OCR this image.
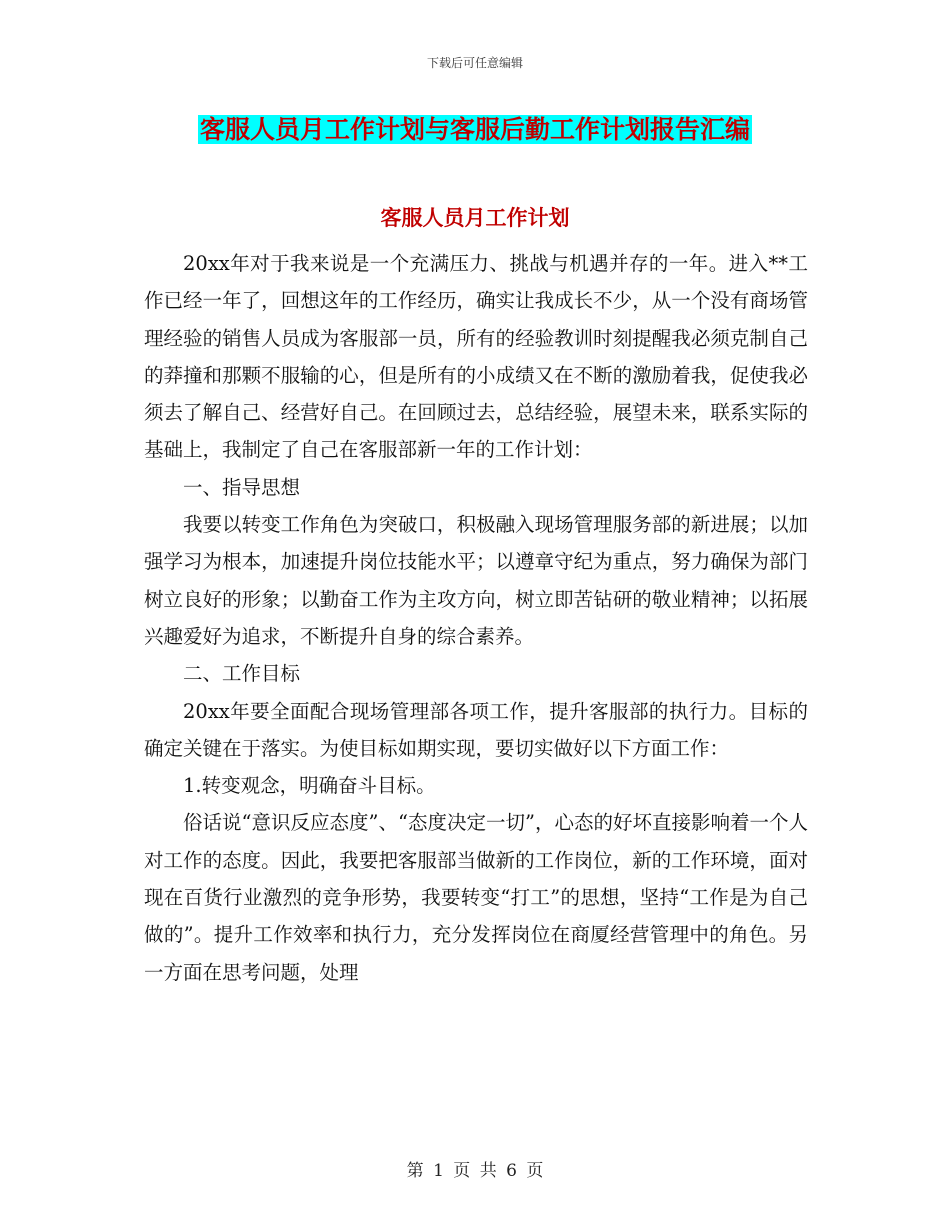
下载后可任意编辑
客服人员月工作计划与客服后勤工作计划报告汇编
客服人员月工作计划

20xx年对于我来说是一个充满压力、挑战与机遇并存的一年。进入**工作已经一年了，回想这年的工作经历，确实让我成长不少，从一个没有商场管理经验的销售人员成为客服部一员，所有的经验教训时刻提醒我必须克制自己的莽撞和那颗不服输的心，但是所有的小成绩又在不断的激励着我，促使我必须去了解自己、经营好自己。在回顾过去，总结经验，展望未来，联系实际的基础上，我制定了自己在客服部新一年的工作计划：

一、指导思想

我要以转变工作角色为突破口，积极融入现场管理服务部的新进展；以加强学习为根本，加速提升岗位技能水平；以遵章守纪为重点，努力确保为部门树立良好的形象；以勤奋工作为主攻方向，树立即苦钻研的敬业精神；以拓展兴趣爱好为追求，不断提升自身的综合素养。

二、工作目标

20xx年要全面配合现场管理部各项工作，提升客服部的执行力。目标的确定关键在于落实。为使目标如期实现，要切实做好以下方面工作：

1.转变观念，明确奋斗目标。

俗话说“意识反应态度”、“态度决定一切”，心态的好坏直接影响着一个人对工作的态度。因此，我要把客服部当做新的工作岗位，新的工作环境，面对现在百货行业激烈的竞争形势，我要转变“打工”的思想，坚持“工作是为自己做的”。提升工作效率和执行力，充分发挥岗位在商厦经营管理中的角色。另一方面在思考问题，处理

第 1 页 共 6 页
